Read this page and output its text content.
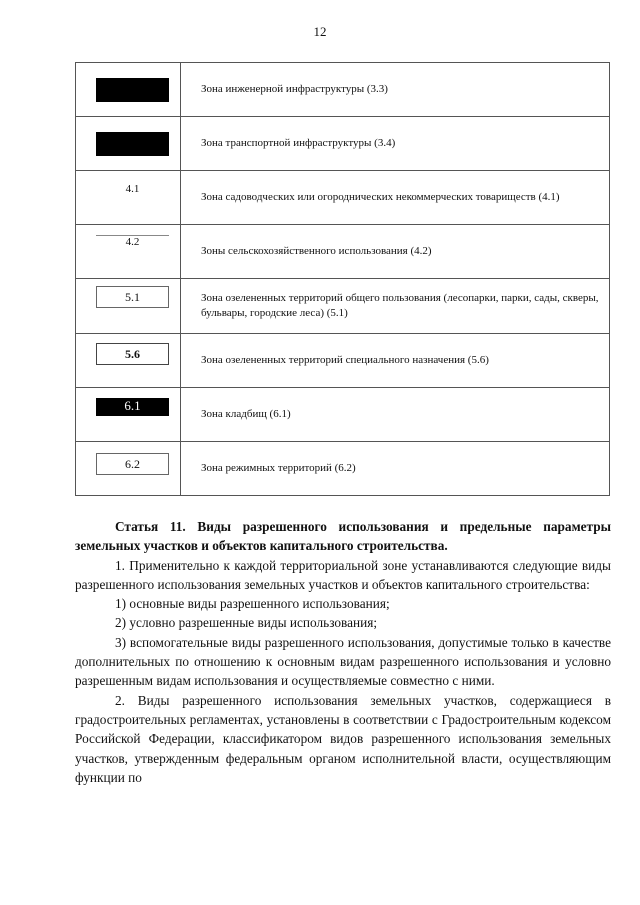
12
	Зона инженерной инфраструктуры (3.3)

	Зона транспортной инфраструктуры (3.4)

4.1	Зона садоводческих или огороднических некоммерческих товариществ (4.1)

4.2	Зоны сельскохозяйственного использования (4.2)

5.1	Зона озелененных территорий общего пользования (лесопарки, парки, сады, скверы, бульвары, городские леса) (5.1)

5.6	Зона озелененных территорий специального назначения (5.6)

6.1	Зона кладбищ (6.1)

6.2	Зона режимных территорий (6.2)

Статья 11. Виды разрешенного использования и предельные параметры земельных участков и объектов капитального строительства.

1. Применительно к каждой территориальной зоне устанавливаются следующие виды разрешенного использования земельных участков и объектов капитального строительства:

1) основные виды разрешенного использования;

2) условно разрешенные виды использования;

3) вспомогательные виды разрешенного использования, допустимые только в качестве дополнительных по отношению к основным видам разрешенного использования и условно разрешенным видам использования и осуществляемые совместно с ними.

2. Виды разрешенного использования земельных участков, содержащиеся в градостроительных регламентах, установлены в соответствии с Градостроительным кодексом Российской Федерации, классификатором видов разрешенного использования земельных участков, утвержденным федеральным органом исполнительной власти, осуществляющим функции по
